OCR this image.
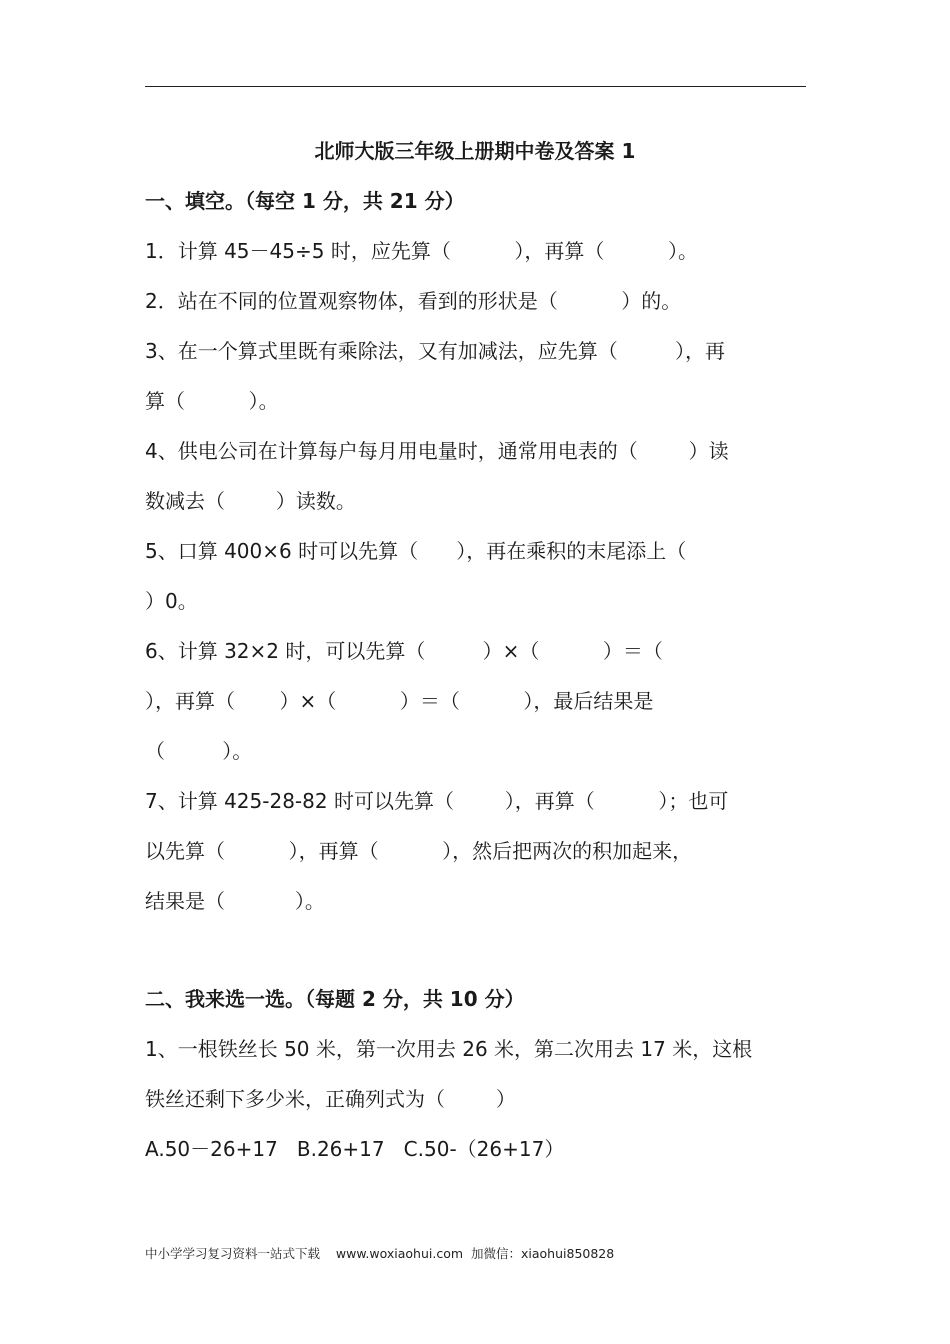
北师大版三年级上册期中卷及答案 1
一、填空。（每空 1 分，共 21 分）
1．计算 45－45÷5 时，应先算（          ），再算（          ）。
2．站在不同的位置观察物体，看到的形状是（          ）的。
3、在一个算式里既有乘除法，又有加减法，应先算（         ），再
算（          ）。
4、供电公司在计算每户每月用电量时，通常用电表的（        ）读
数减去（        ）读数。
5、口算 400×6 时可以先算（      ），再在乘积的末尾添上（
）0。
6、计算 32×2 时，可以先算（         ）×（          ）＝（
），再算（       ）×（          ）＝（          ），最后结果是
（         ）。
7、计算 425-28-82 时可以先算（        ），再算（          ）；也可
以先算（          ），再算（          ），然后把两次的积加起来，
结果是（           ）。
二、我来选一选。（每题 2 分，共 10 分）
1、一根铁丝长 50 米，第一次用去 26 米，第二次用去 17 米，这根
铁丝还剩下多少米，正确列式为（        ）
A.50－26+17   B.26+17   C.50-（26+17）
中小学学习复习资料一站式下载    www.woxiaohui.com  加微信：xiaohui850828
